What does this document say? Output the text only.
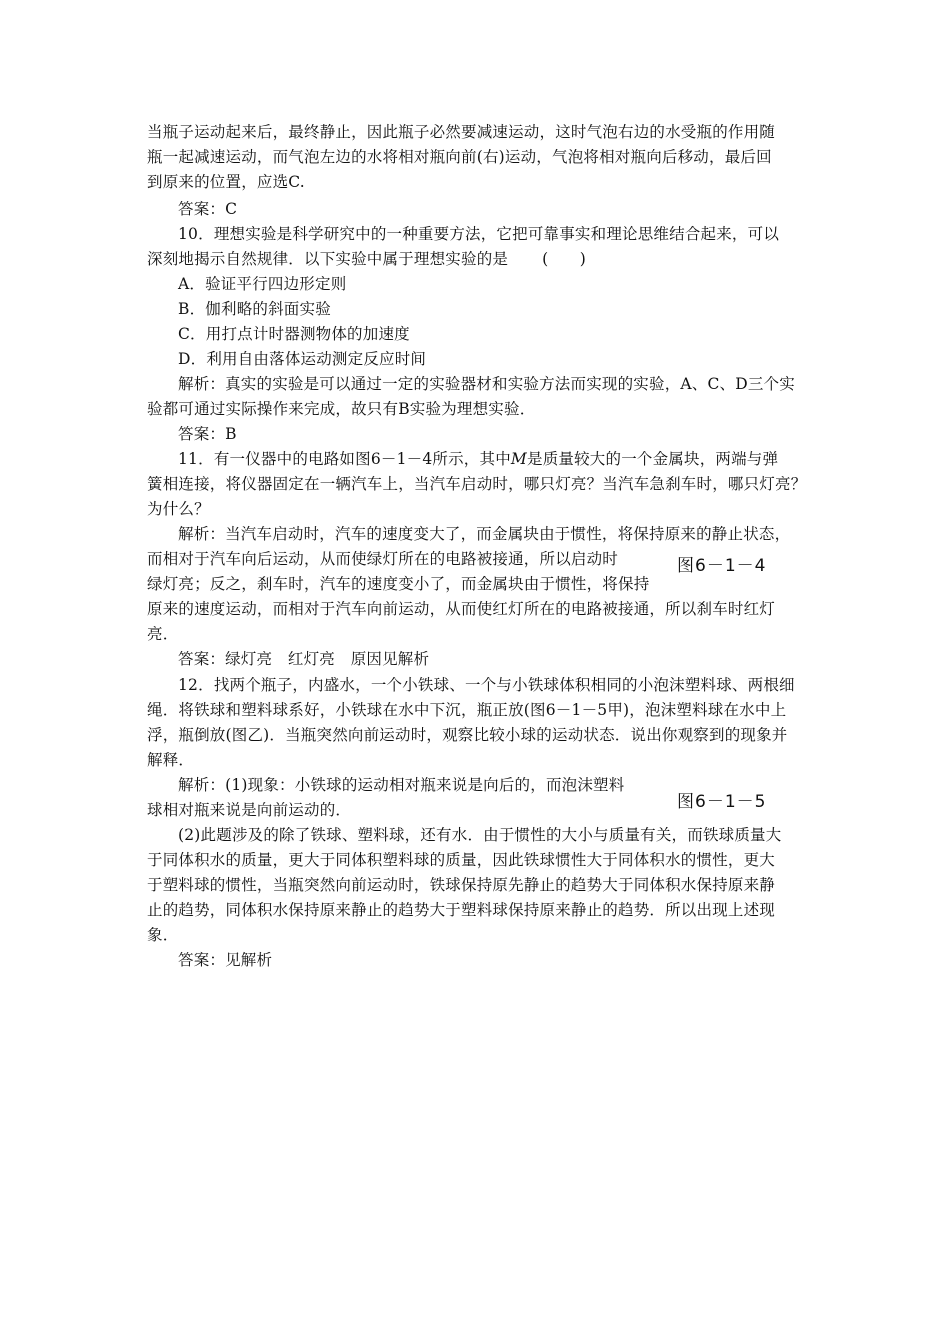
当瓶子运动起来后，最终静止，因此瓶子必然要减速运动，这时气泡右边的水受瓶的作用随

瓶一起减速运动，而气泡左边的水将相对瓶向前(右)运动，气泡将相对瓶向后移动，最后回

到原来的位置，应选C.

答案：C

10．理想实验是科学研究中的一种重要方法，它把可靠事实和理论思维结合起来，可以

深刻地揭示自然规律．以下实验中属于理想实验的是 (　　)

A．验证平行四边形定则

B．伽利略的斜面实验

C．用打点计时器测物体的加速度

D．利用自由落体运动测定反应时间

解析：真实的实验是可以通过一定的实验器材和实验方法而实现的实验，A、C、D三个实

验都可通过实际操作来完成，故只有B实验为理想实验．

答案：B

11．有一仪器中的电路如图6－1－4所示，其中M是质量较大的一个金属块，两端与弹

簧相连接，将仪器固定在一辆汽车上，当汽车启动时，哪只灯亮？当汽车急刹车时，哪只灯亮？

为什么？

解析：当汽车启动时，汽车的速度变大了，而金属块由于惯性，将保持原来的静止状态，

而相对于汽车向后运动，从而使绿灯所在的电路被接通，所以启动时	图6－1－4

绿灯亮；反之，刹车时，汽车的速度变小了，而金属块由于惯性，将保持

原来的速度运动，而相对于汽车向前运动，从而使红灯所在的电路被接通，所以刹车时红灯

亮．

答案：绿灯亮　红灯亮　原因见解析

12．找两个瓶子，内盛水，一个小铁球、一个与小铁球体积相同的小泡沫塑料球、两根细

绳．将铁球和塑料球系好，小铁球在水中下沉，瓶正放(图6－1－5甲)，泡沫塑料球在水中上

浮，瓶倒放(图乙)．当瓶突然向前运动时，观察比较小球的运动状态．说出你观察到的现象并

解释．

解析：(1)现象：小铁球的运动相对瓶来说是向后的，而泡沫塑料

图6－1－5

球相对瓶来说是向前运动的．

(2)此题涉及的除了铁球、塑料球，还有水．由于惯性的大小与质量有关，而铁球质量大

于同体积水的质量，更大于同体积塑料球的质量，因此铁球惯性大于同体积水的惯性，更大

于塑料球的惯性，当瓶突然向前运动时，铁球保持原先静止的趋势大于同体积水保持原来静

止的趋势，同体积水保持原来静止的趋势大于塑料球保持原来静止的趋势．所以出现上述现

象．

答案：见解析
